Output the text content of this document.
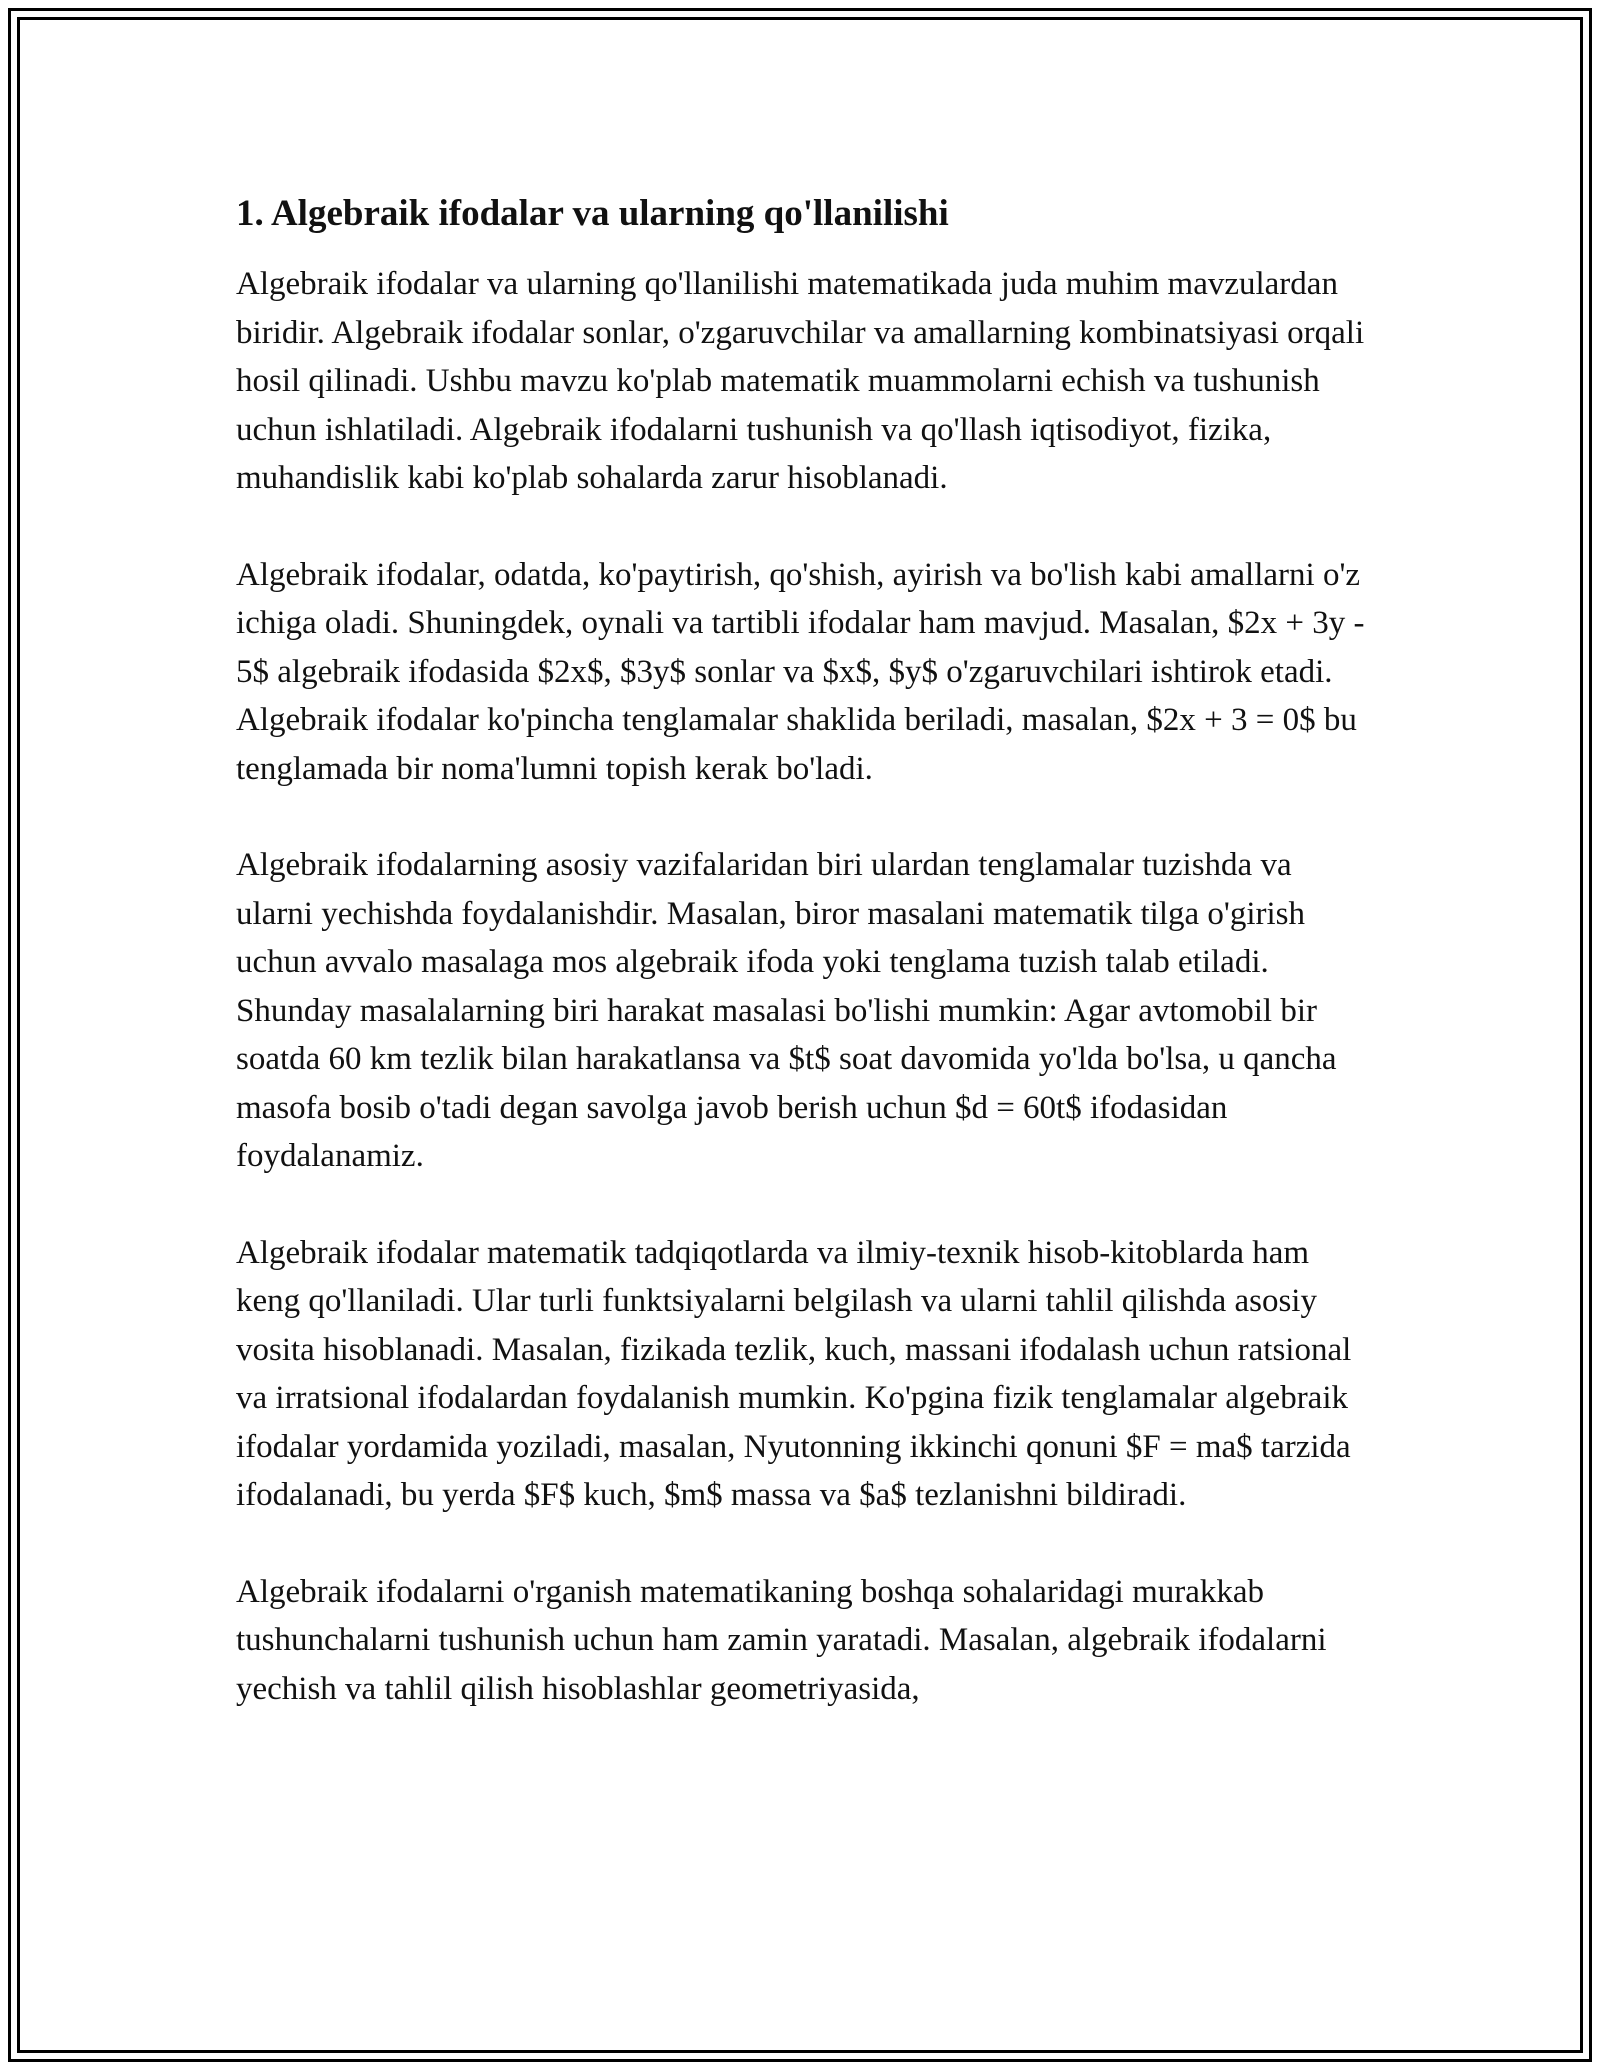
1. Algebraik ifodalar va ularning qo'llanilishi

Algebraik ifodalar va ularning qo'llanilishi matematikada juda muhim mavzulardan biridir. Algebraik ifodalar sonlar, o'zgaruvchilar va amallarning kombinatsiyasi orqali hosil qilinadi. Ushbu mavzu ko'plab matematik muammolarni echish va tushunish uchun ishlatiladi. Algebraik ifodalarni tushunish va qo'llash iqtisodiyot, fizika, muhandislik kabi ko'plab sohalarda zarur hisoblanadi.

Algebraik ifodalar, odatda, ko'paytirish, qo'shish, ayirish va bo'lish kabi amallarni o'z ichiga oladi. Shuningdek, oynali va tartibli ifodalar ham mavjud. Masalan, $2x + 3y - 5$ algebraik ifodasida $2x$, $3y$ sonlar va $x$, $y$ o'zgaruvchilari ishtirok etadi. Algebraik ifodalar ko'pincha tenglamalar shaklida beriladi, masalan, $2x + 3 = 0$ bu tenglamada bir noma'lumni topish kerak bo'ladi.

Algebraik ifodalarning asosiy vazifalaridan biri ulardan tenglamalar tuzishda va ularni yechishda foydalanishdir. Masalan, biror masalani matematik tilga o'girish uchun avvalo masalaga mos algebraik ifoda yoki tenglama tuzish talab etiladi. Shunday masalalarning biri harakat masalasi bo'lishi mumkin: Agar avtomobil bir soatda 60 km tezlik bilan harakatlansa va $t$ soat davomida yo'lda bo'lsa, u qancha masofa bosib o'tadi degan savolga javob berish uchun $d = 60t$ ifodasidan foydalanamiz.

Algebraik ifodalar matematik tadqiqotlarda va ilmiy-texnik hisob-kitoblarda ham keng qo'llaniladi. Ular turli funktsiyalarni belgilash va ularni tahlil qilishda asosiy vosita hisoblanadi. Masalan, fizikada tezlik, kuch, massani ifodalash uchun ratsional va irratsional ifodalardan foydalanish mumkin. Ko'pgina fizik tenglamalar algebraik ifodalar yordamida yoziladi, masalan, Nyutonning ikkinchi qonuni $F = ma$ tarzida ifodalanadi, bu yerda $F$ kuch, $m$ massa va $a$ tezlanishni bildiradi.

Algebraik ifodalarni o'rganish matematikaning boshqa sohalaridagi murakkab tushunchalarni tushunish uchun ham zamin yaratadi. Masalan, algebraik ifodalarni yechish va tahlil qilish hisoblashlar geometriyasida,
